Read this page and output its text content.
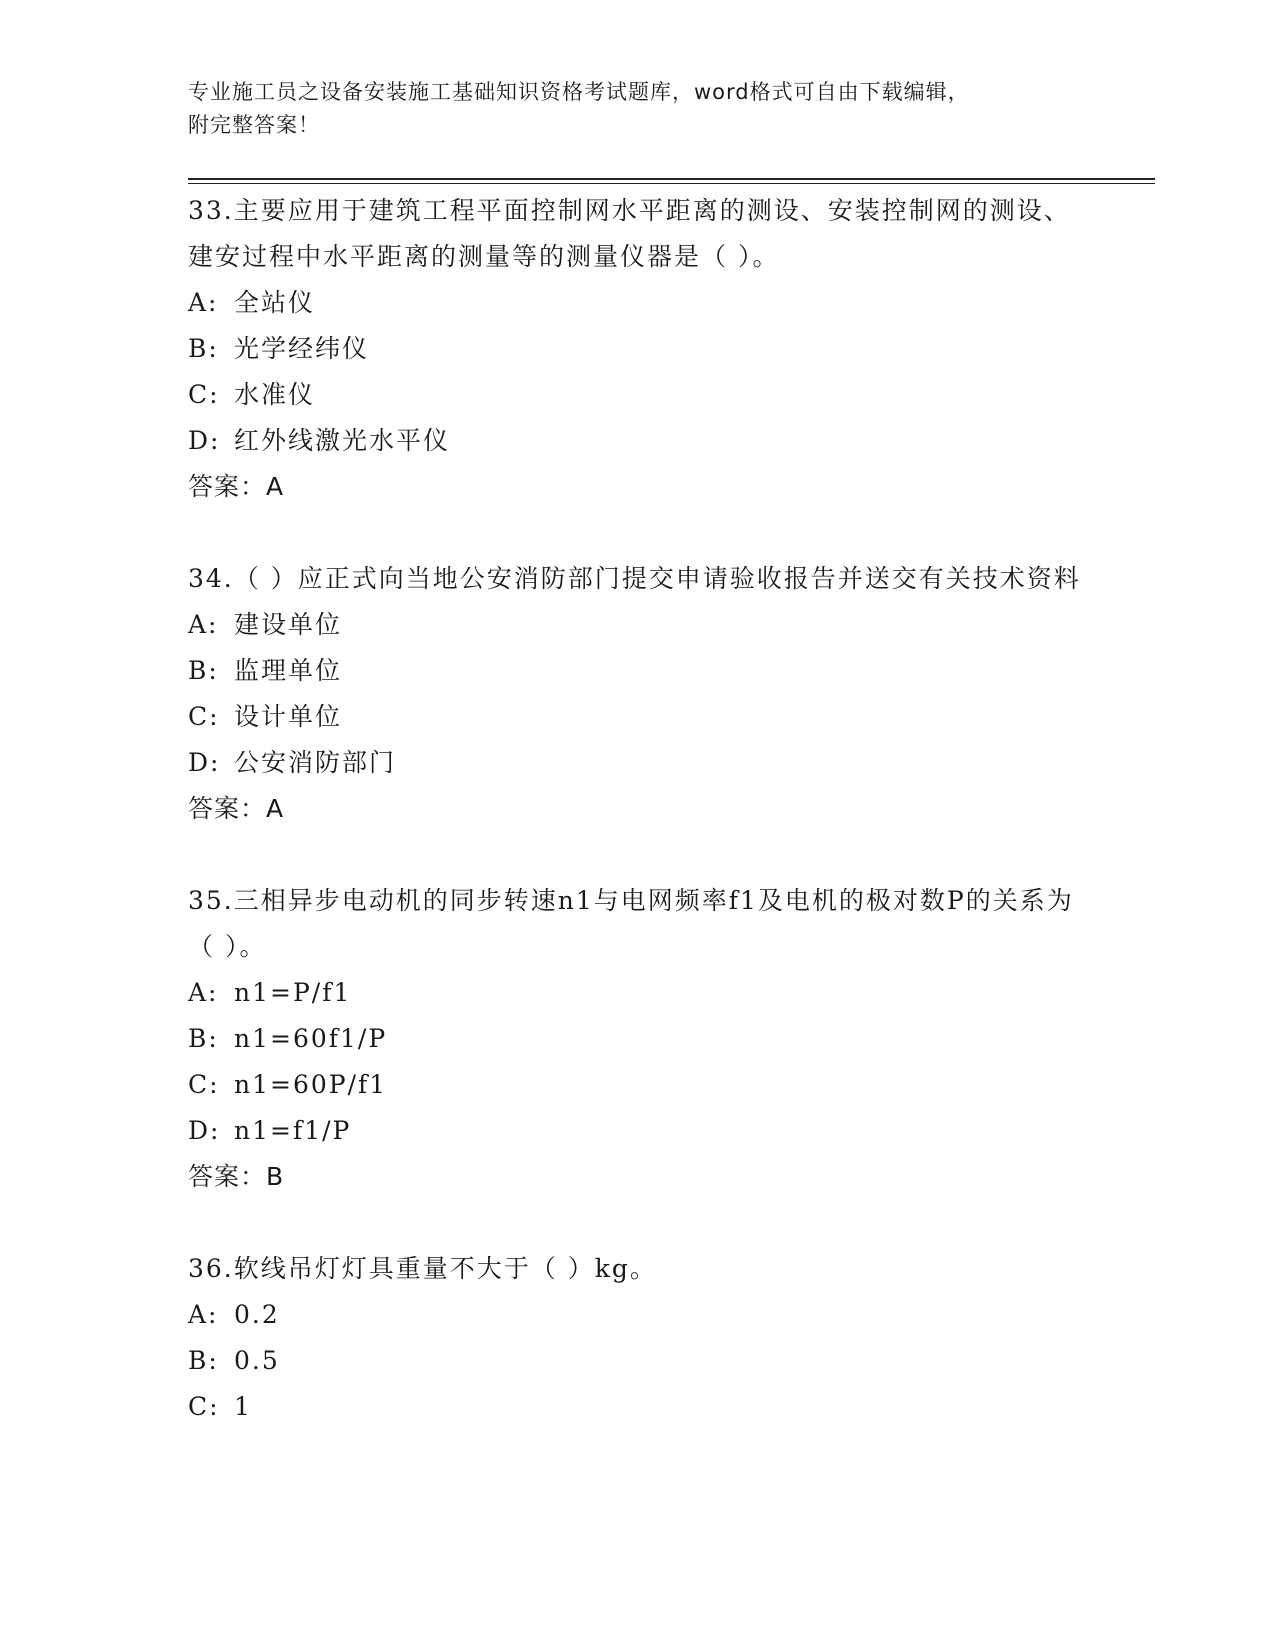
专业施工员之设备安装施工基础知识资格考试题库，word格式可自由下载编辑，
附完整答案！

33.主要应用于建筑工程平面控制网水平距离的测设、安装控制网的测设、建安过程中水平距离的测量等的测量仪器是（ ）。

A: 全站仪

B: 光学经纬仪

C: 水准仪

D: 红外线激光水平仪

答案：A

34.（ ）应正式向当地公安消防部门提交申请验收报告并送交有关技术资料

A: 建设单位

B: 监理单位

C: 设计单位

D: 公安消防部门

答案：A

35.三相异步电动机的同步转速n1与电网频率f1及电机的极对数P的关系为（ ）。

A: n1=P/f1

B: n1=60f1/P

C: n1=60P/f1

D: n1=f1/P

答案：B

36.软线吊灯灯具重量不大于（ ）kg。

A: 0.2

B: 0.5

C: 1
